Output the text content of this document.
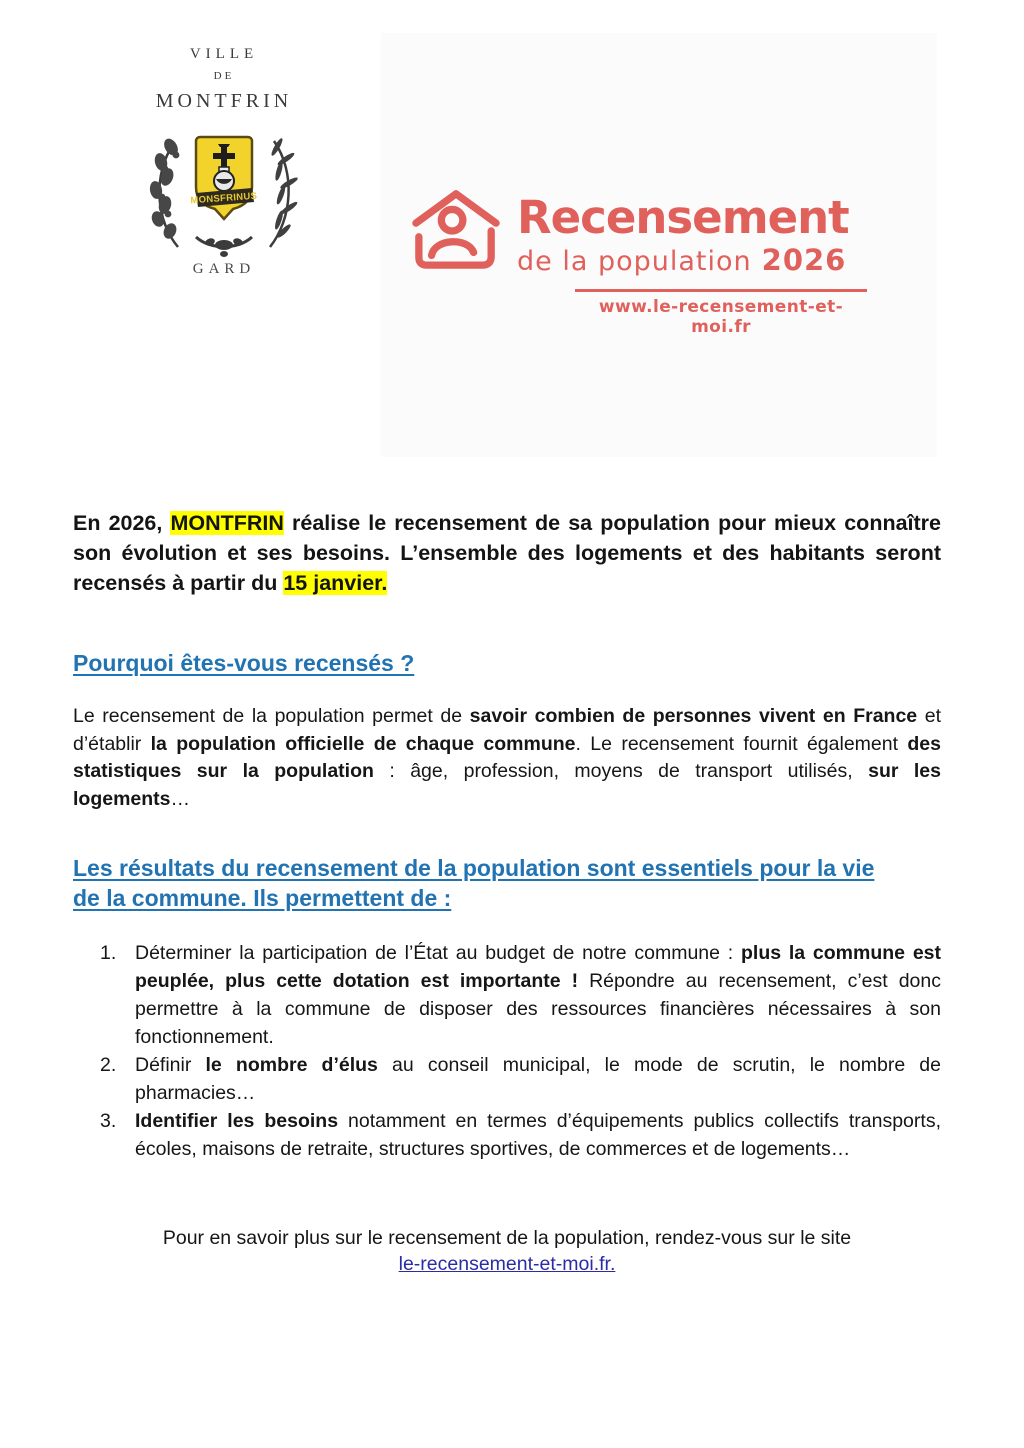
VILLE
DE
MONTFRIN
MONSFRINUS
GARD
Recensement
de la population 2026
www.le-recensement-et-moi.fr

En 2026, MONTFRIN réalise le recensement de sa population pour mieux connaître son évolution et ses besoins. L’ensemble des logements et des habitants seront recensés à partir du 15 janvier.

Pourquoi êtes-vous recensés ?

Le recensement de la population permet de savoir combien de personnes vivent en France et d’établir la population officielle de chaque commune. Le recensement fournit également des statistiques sur la population : âge, profession, moyens de transport utilisés, sur les logements…

Les résultats du recensement de la population sont essentiels pour la vie
de la commune. Ils permettent de :
1. Déterminer la participation de l’État au budget de notre commune : plus la commune est peuplée, plus cette dotation est importante ! Répondre au recensement, c’est donc permettre à la commune de disposer des ressources financières nécessaires à son fonctionnement.
2. Définir le nombre d’élus au conseil municipal, le mode de scrutin, le nombre de pharmacies…
3. Identifier les besoins notamment en termes d’équipements publics collectifs transports, écoles, maisons de retraite, structures sportives, de commerces et de logements…
Pour en savoir plus sur le recensement de la population, rendez-vous sur le site
le-recensement-et-moi.fr.
